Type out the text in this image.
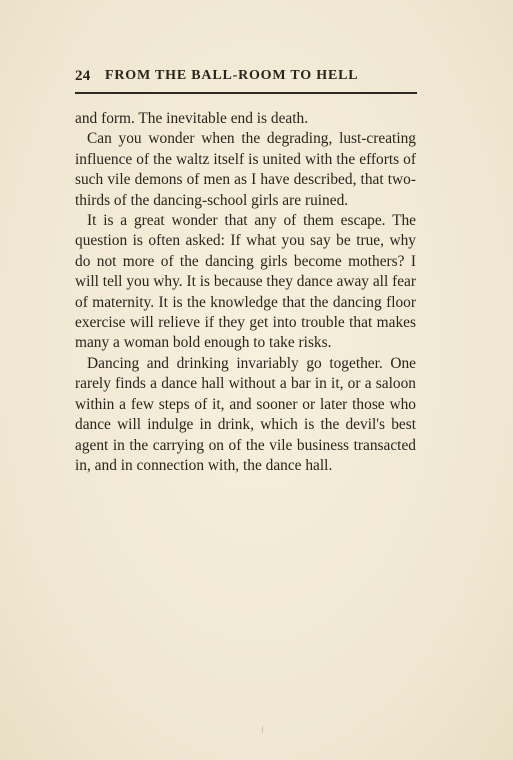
24 FROM THE BALL-ROOM TO HELL

and form. The inevitable end is death.

Can you wonder when the degrading, lust-creating influence of the waltz itself is united with the efforts of such vile demons of men as I have described, that two-thirds of the dancing-school girls are ruined.

It is a great wonder that any of them escape. The question is often asked: If what you say be true, why do not more of the dancing girls become mothers? I will tell you why. It is because they dance away all fear of maternity. It is the knowledge that the dancing floor exercise will relieve if they get into trouble that makes many a woman bold enough to take risks.

Dancing and drinking invariably go together. One rarely finds a dance hall without a bar in it, or a saloon within a few steps of it, and sooner or later those who dance will indulge in drink, which is the devil's best agent in the carrying on of the vile business transacted in, and in connection with, the dance hall.
